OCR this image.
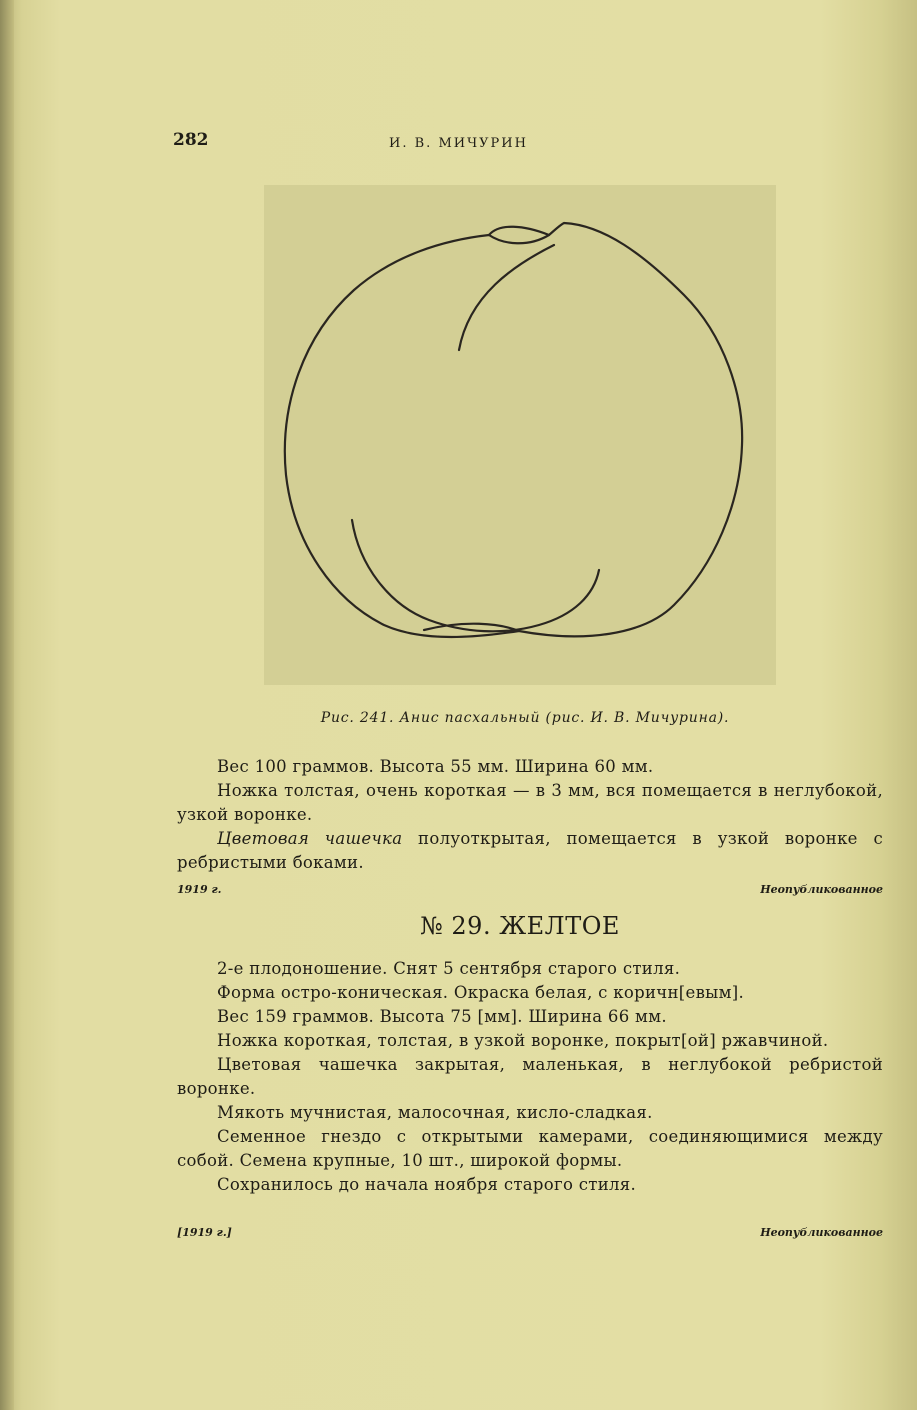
282	И. В. МИЧУРИН
Рис. 241. Анис пасхальный (рис. И. В. Мичурина).

Вес 100 граммов. Высота 55 мм. Ширина 60 мм.

Ножка толстая, очень короткая — в 3 мм, вся помещается в неглубокой, узкой воронке.

Цветовая чашечка полуоткрытая, помещается в узкой воронке с ребристыми боками.

1919 г.	Неопубликованное
№ 29. ЖЕЛТОЕ

2-е плодоношение. Снят 5 сентября старого стиля.

Форма остро-коническая. Окраска белая, с коричн[евым].

Вес 159 граммов. Высота 75 [мм]. Ширина 66 мм.

Ножка короткая, толстая, в узкой воронке, покрыт[ой] ржавчиной.

Цветовая чашечка закрытая, маленькая, в неглубокой ребристой воронке.

Мякоть мучнистая, малосочная, кисло-сладкая.

Семенное гнездо с открытыми камерами, соединяющимися между собой. Семена крупные, 10 шт., широкой формы.

Сохранилось до начала ноября старого стиля.

[1919 г.]	Неопубликованное
